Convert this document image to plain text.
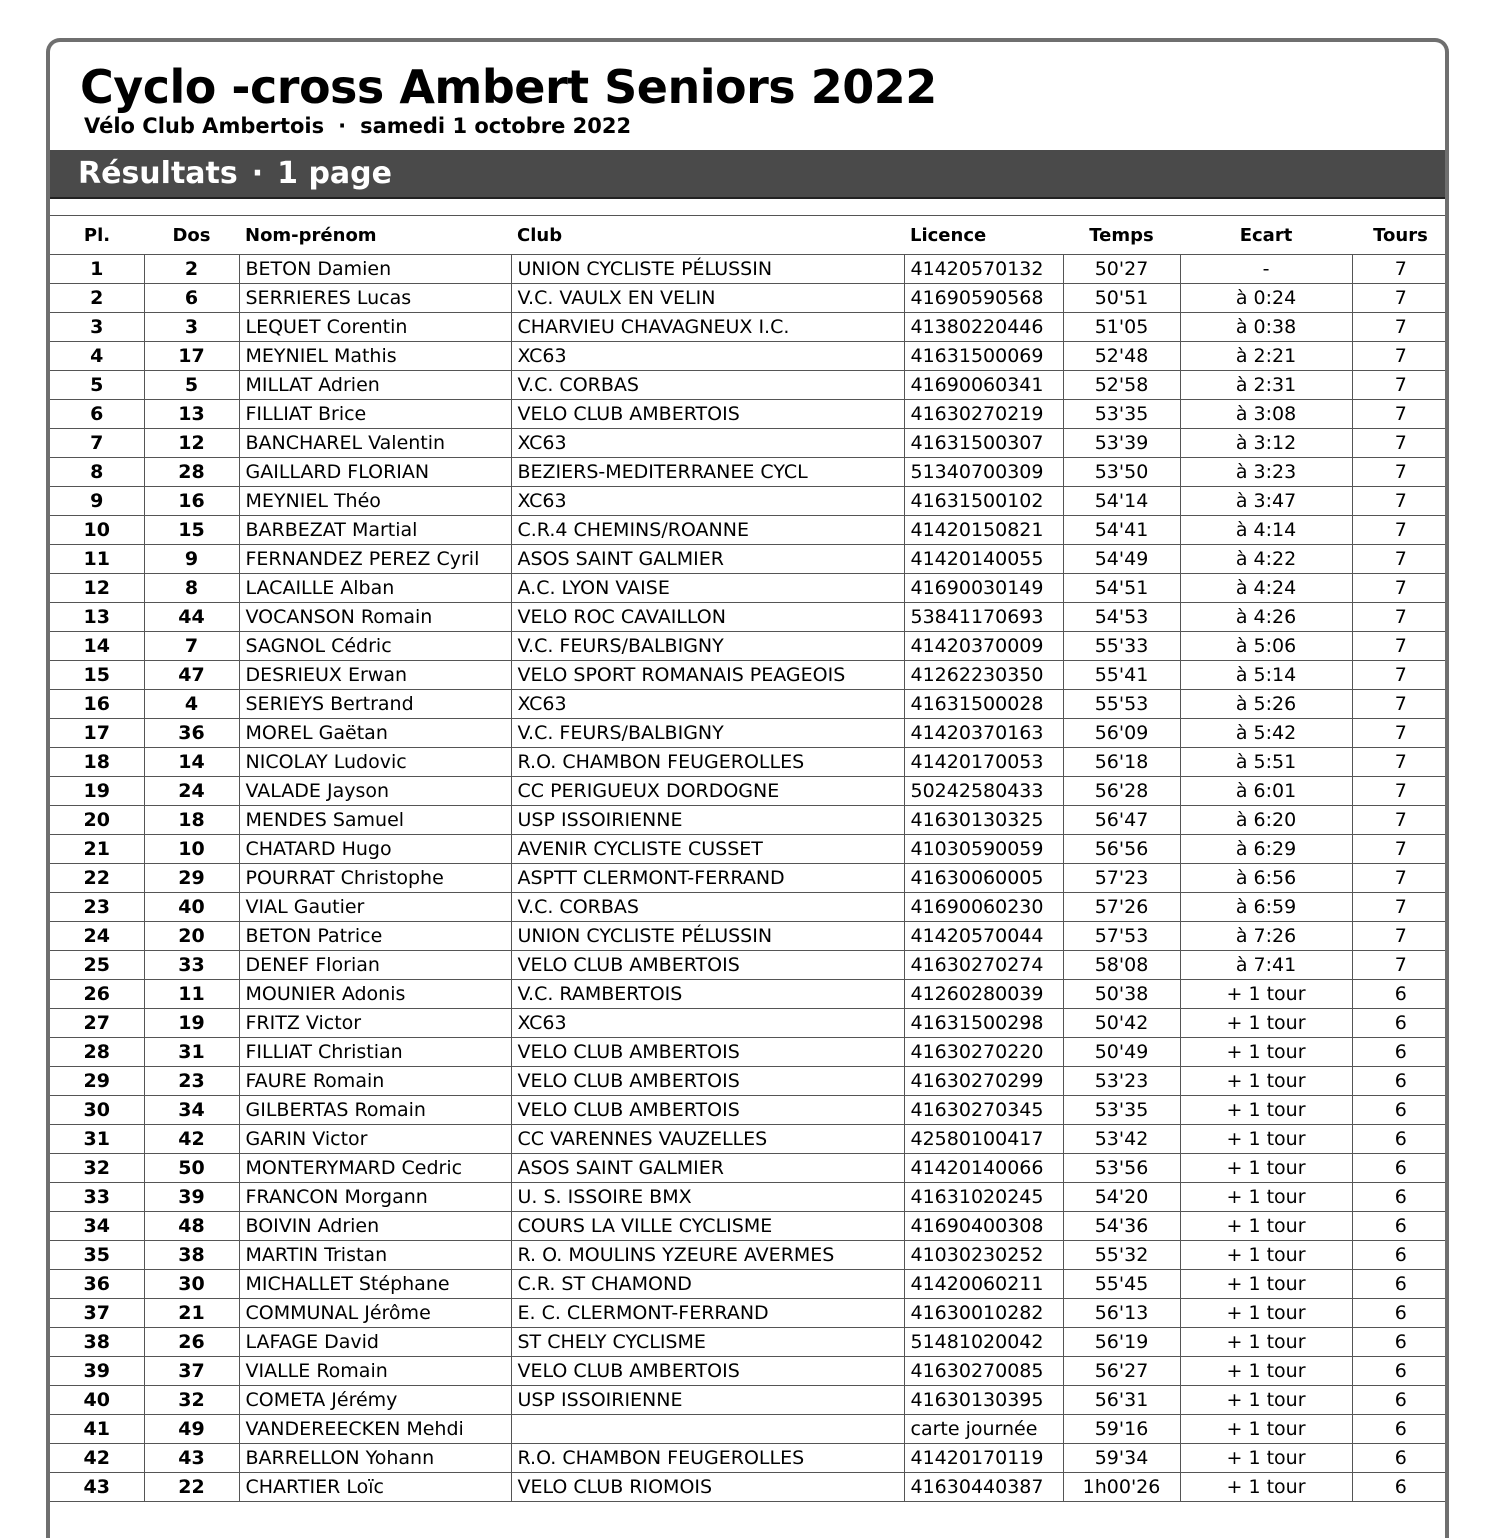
Cyclo -cross Ambert Seniors 2022
Vélo Club Ambertois · samedi 1 octobre 2022
Résultats · 1 page
Pl.	Dos	Nom-prénom	Club	Licence	Temps	Ecart	Tours
1	2	BETON Damien	UNION CYCLISTE PÉLUSSIN	41420570132	50'27	-	7
2	6	SERRIERES Lucas	V.C. VAULX EN VELIN	41690590568	50'51	à 0:24	7
3	3	LEQUET Corentin	CHARVIEU CHAVAGNEUX I.C.	41380220446	51'05	à 0:38	7
4	17	MEYNIEL Mathis	XC63	41631500069	52'48	à 2:21	7
5	5	MILLAT Adrien	V.C. CORBAS	41690060341	52'58	à 2:31	7
6	13	FILLIAT Brice	VELO CLUB AMBERTOIS	41630270219	53'35	à 3:08	7
7	12	BANCHAREL Valentin	XC63	41631500307	53'39	à 3:12	7
8	28	GAILLARD FLORIAN	BEZIERS-MEDITERRANEE CYCL	51340700309	53'50	à 3:23	7
9	16	MEYNIEL Théo	XC63	41631500102	54'14	à 3:47	7
10	15	BARBEZAT Martial	C.R.4 CHEMINS/ROANNE	41420150821	54'41	à 4:14	7
11	9	FERNANDEZ PEREZ Cyril	ASOS SAINT GALMIER	41420140055	54'49	à 4:22	7
12	8	LACAILLE Alban	A.C. LYON VAISE	41690030149	54'51	à 4:24	7
13	44	VOCANSON Romain	VELO ROC CAVAILLON	53841170693	54'53	à 4:26	7
14	7	SAGNOL Cédric	V.C. FEURS/BALBIGNY	41420370009	55'33	à 5:06	7
15	47	DESRIEUX Erwan	VELO SPORT ROMANAIS PEAGEOIS	41262230350	55'41	à 5:14	7
16	4	SERIEYS Bertrand	XC63	41631500028	55'53	à 5:26	7
17	36	MOREL Gaëtan	V.C. FEURS/BALBIGNY	41420370163	56'09	à 5:42	7
18	14	NICOLAY Ludovic	R.O. CHAMBON FEUGEROLLES	41420170053	56'18	à 5:51	7
19	24	VALADE Jayson	CC PERIGUEUX DORDOGNE	50242580433	56'28	à 6:01	7
20	18	MENDES Samuel	USP ISSOIRIENNE	41630130325	56'47	à 6:20	7
21	10	CHATARD Hugo	AVENIR CYCLISTE CUSSET	41030590059	56'56	à 6:29	7
22	29	POURRAT Christophe	ASPTT CLERMONT-FERRAND	41630060005	57'23	à 6:56	7
23	40	VIAL Gautier	V.C. CORBAS	41690060230	57'26	à 6:59	7
24	20	BETON Patrice	UNION CYCLISTE PÉLUSSIN	41420570044	57'53	à 7:26	7
25	33	DENEF Florian	VELO CLUB AMBERTOIS	41630270274	58'08	à 7:41	7
26	11	MOUNIER Adonis	V.C. RAMBERTOIS	41260280039	50'38	+ 1 tour	6
27	19	FRITZ Victor	XC63	41631500298	50'42	+ 1 tour	6
28	31	FILLIAT Christian	VELO CLUB AMBERTOIS	41630270220	50'49	+ 1 tour	6
29	23	FAURE Romain	VELO CLUB AMBERTOIS	41630270299	53'23	+ 1 tour	6
30	34	GILBERTAS Romain	VELO CLUB AMBERTOIS	41630270345	53'35	+ 1 tour	6
31	42	GARIN Victor	CC VARENNES VAUZELLES	42580100417	53'42	+ 1 tour	6
32	50	MONTERYMARD Cedric	ASOS SAINT GALMIER	41420140066	53'56	+ 1 tour	6
33	39	FRANCON Morgann	U. S. ISSOIRE BMX	41631020245	54'20	+ 1 tour	6
34	48	BOIVIN Adrien	COURS LA VILLE CYCLISME	41690400308	54'36	+ 1 tour	6
35	38	MARTIN Tristan	R. O. MOULINS YZEURE AVERMES	41030230252	55'32	+ 1 tour	6
36	30	MICHALLET Stéphane	C.R. ST CHAMOND	41420060211	55'45	+ 1 tour	6
37	21	COMMUNAL Jérôme	E. C. CLERMONT-FERRAND	41630010282	56'13	+ 1 tour	6
38	26	LAFAGE David	ST CHELY CYCLISME	51481020042	56'19	+ 1 tour	6
39	37	VIALLE Romain	VELO CLUB AMBERTOIS	41630270085	56'27	+ 1 tour	6
40	32	COMETA Jérémy	USP ISSOIRIENNE	41630130395	56'31	+ 1 tour	6
41	49	VANDEREECKEN Mehdi		carte journée	59'16	+ 1 tour	6
42	43	BARRELLON Yohann	R.O. CHAMBON FEUGEROLLES	41420170119	59'34	+ 1 tour	6
43	22	CHARTIER Loïc	VELO CLUB RIOMOIS	41630440387	1h00'26	+ 1 tour	6
